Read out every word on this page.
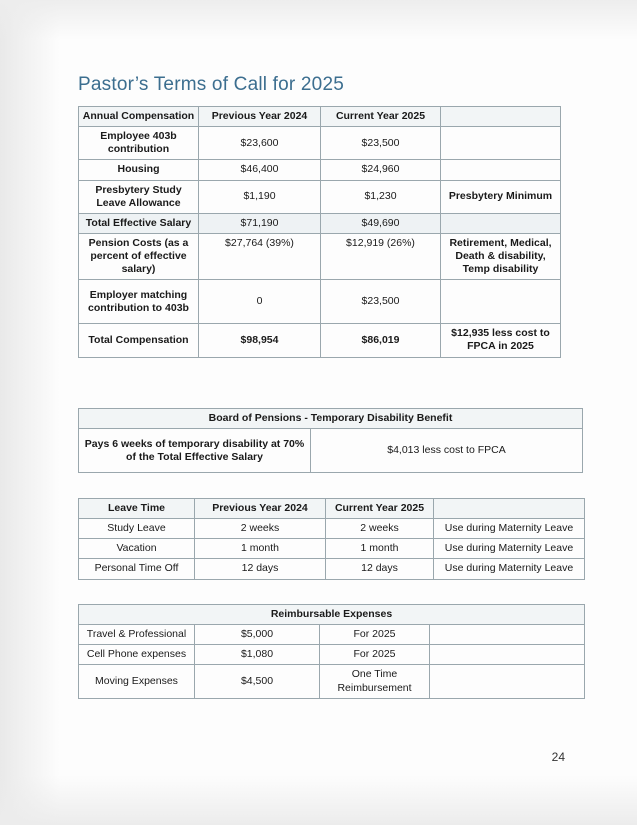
Pastor’s Terms of Call for 2025
Annual Compensation	Previous Year 2024	Current Year 2025	
Employee 403b contribution	$23,600	$23,500	
Housing	$46,400	$24,960	
Presbytery Study Leave Allowance	$1,190	$1,230	Presbytery Minimum
Total Effective Salary	$71,190	$49,690	
Pension Costs (as a percent of effective salary)	$27,764 (39%)	$12,919 (26%)	Retirement, Medical, Death & disability, Temp disability
Employer matching contribution to 403b	0	$23,500	
Total Compensation	$98,954	$86,019	$12,935 less cost to FPCA in 2025
Board of Pensions - Temporary Disability Benefit
Pays 6 weeks of temporary disability at 70% of the Total Effective Salary	$4,013 less cost to FPCA
Leave Time	Previous Year 2024	Current Year 2025	
Study Leave	2 weeks	2 weeks	Use during Maternity Leave
Vacation	1 month	1 month	Use during Maternity Leave
Personal Time Off	12 days	12 days	Use during Maternity Leave
Reimbursable Expenses			
Travel & Professional	$5,000	For 2025	
Cell Phone expenses	$1,080	For 2025	
Moving Expenses	$4,500	One Time Reimbursement	
24
